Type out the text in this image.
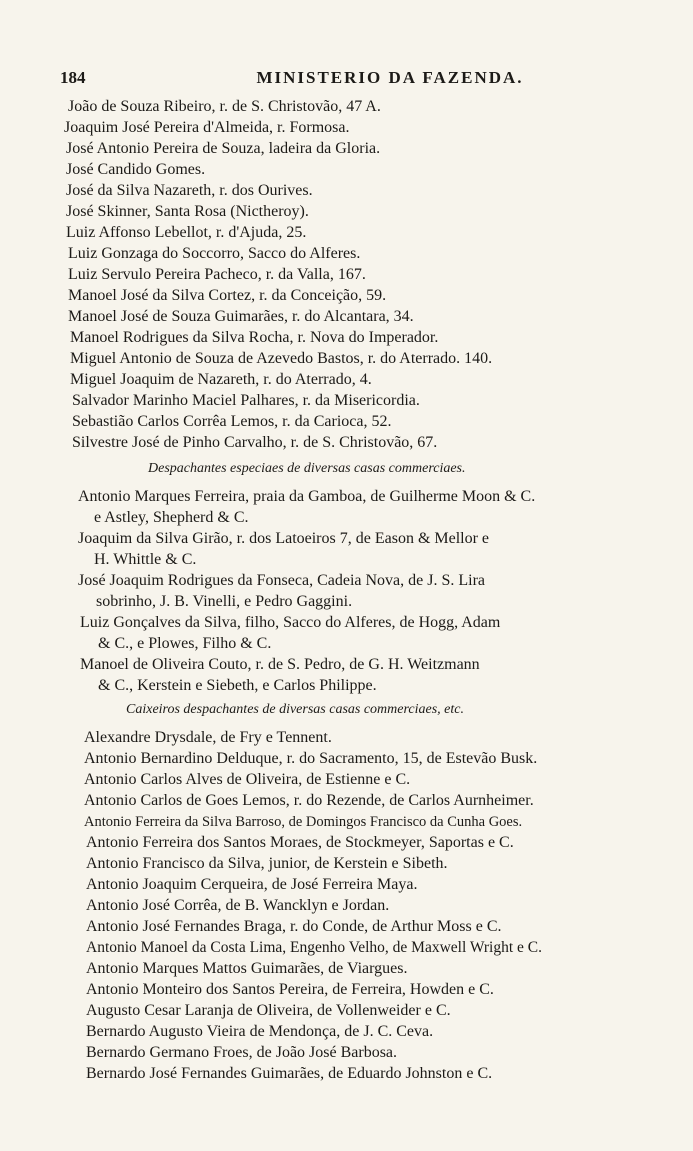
184	MINISTERIO DA FAZENDA.
João de Souza Ribeiro, r. de S. Christovão, 47 A.
Joaquim José Pereira d'Almeida, r. Formosa.
José Antonio Pereira de Souza, ladeira da Gloria.
José Candido Gomes.
José da Silva Nazareth, r. dos Ourives.
José Skinner, Santa Rosa (Nictheroy).
Luiz Affonso Lebellot, r. d'Ajuda, 25.
Luiz Gonzaga do Soccorro, Sacco do Alferes.
Luiz Servulo Pereira Pacheco, r. da Valla, 167.
Manoel José da Silva Cortez, r. da Conceição, 59.
Manoel José de Souza Guimarães, r. do Alcantara, 34.
Manoel Rodrigues da Silva Rocha, r. Nova do Imperador.
Miguel Antonio de Souza de Azevedo Bastos, r. do Aterrado. 140.
Miguel Joaquim de Nazareth, r. do Aterrado, 4.
Salvador Marinho Maciel Palhares, r. da Misericordia.
Sebastião Carlos Corrêa Lemos, r. da Carioca, 52.
Silvestre José de Pinho Carvalho, r. de S. Christovão, 67.
Despachantes especiaes de diversas casas commerciaes.
Antonio Marques Ferreira, praia da Gamboa, de Guilherme Moon & C.
e Astley, Shepherd & C.
Joaquim da Silva Girão, r. dos Latoeiros 7, de Eason & Mellor e
H. Whittle & C.
José Joaquim Rodrigues da Fonseca, Cadeia Nova, de J. S. Lira
sobrinho, J. B. Vinelli, e Pedro Gaggini.
Luiz Gonçalves da Silva, filho, Sacco do Alferes, de Hogg, Adam
& C., e Plowes, Filho & C.
Manoel de Oliveira Couto, r. de S. Pedro, de G. H. Weitzmann
& C., Kerstein e Siebeth, e Carlos Philippe.
Caixeiros despachantes de diversas casas commerciaes, etc.
Alexandre Drysdale, de Fry e Tennent.
Antonio Bernardino Delduque, r. do Sacramento, 15, de Estevão Busk.
Antonio Carlos Alves de Oliveira, de Estienne e C.
Antonio Carlos de Goes Lemos, r. do Rezende, de Carlos Aurnheimer.
Antonio Ferreira da Silva Barroso, de Domingos Francisco da Cunha Goes.
Antonio Ferreira dos Santos Moraes, de Stockmeyer, Saportas e C.
Antonio Francisco da Silva, junior, de Kerstein e Sibeth.
Antonio Joaquim Cerqueira, de José Ferreira Maya.
Antonio José Corrêa, de B. Wancklyn e Jordan.
Antonio José Fernandes Braga, r. do Conde, de Arthur Moss e C.
Antonio Manoel da Costa Lima, Engenho Velho, de Maxwell Wright e C.
Antonio Marques Mattos Guimarães, de Viargues.
Antonio Monteiro dos Santos Pereira, de Ferreira, Howden e C.
Augusto Cesar Laranja de Oliveira, de Vollenweider e C.
Bernardo Augusto Vieira de Mendonça, de J. C. Ceva.
Bernardo Germano Froes, de João José Barbosa.
Bernardo José Fernandes Guimarães, de Eduardo Johnston e C.
